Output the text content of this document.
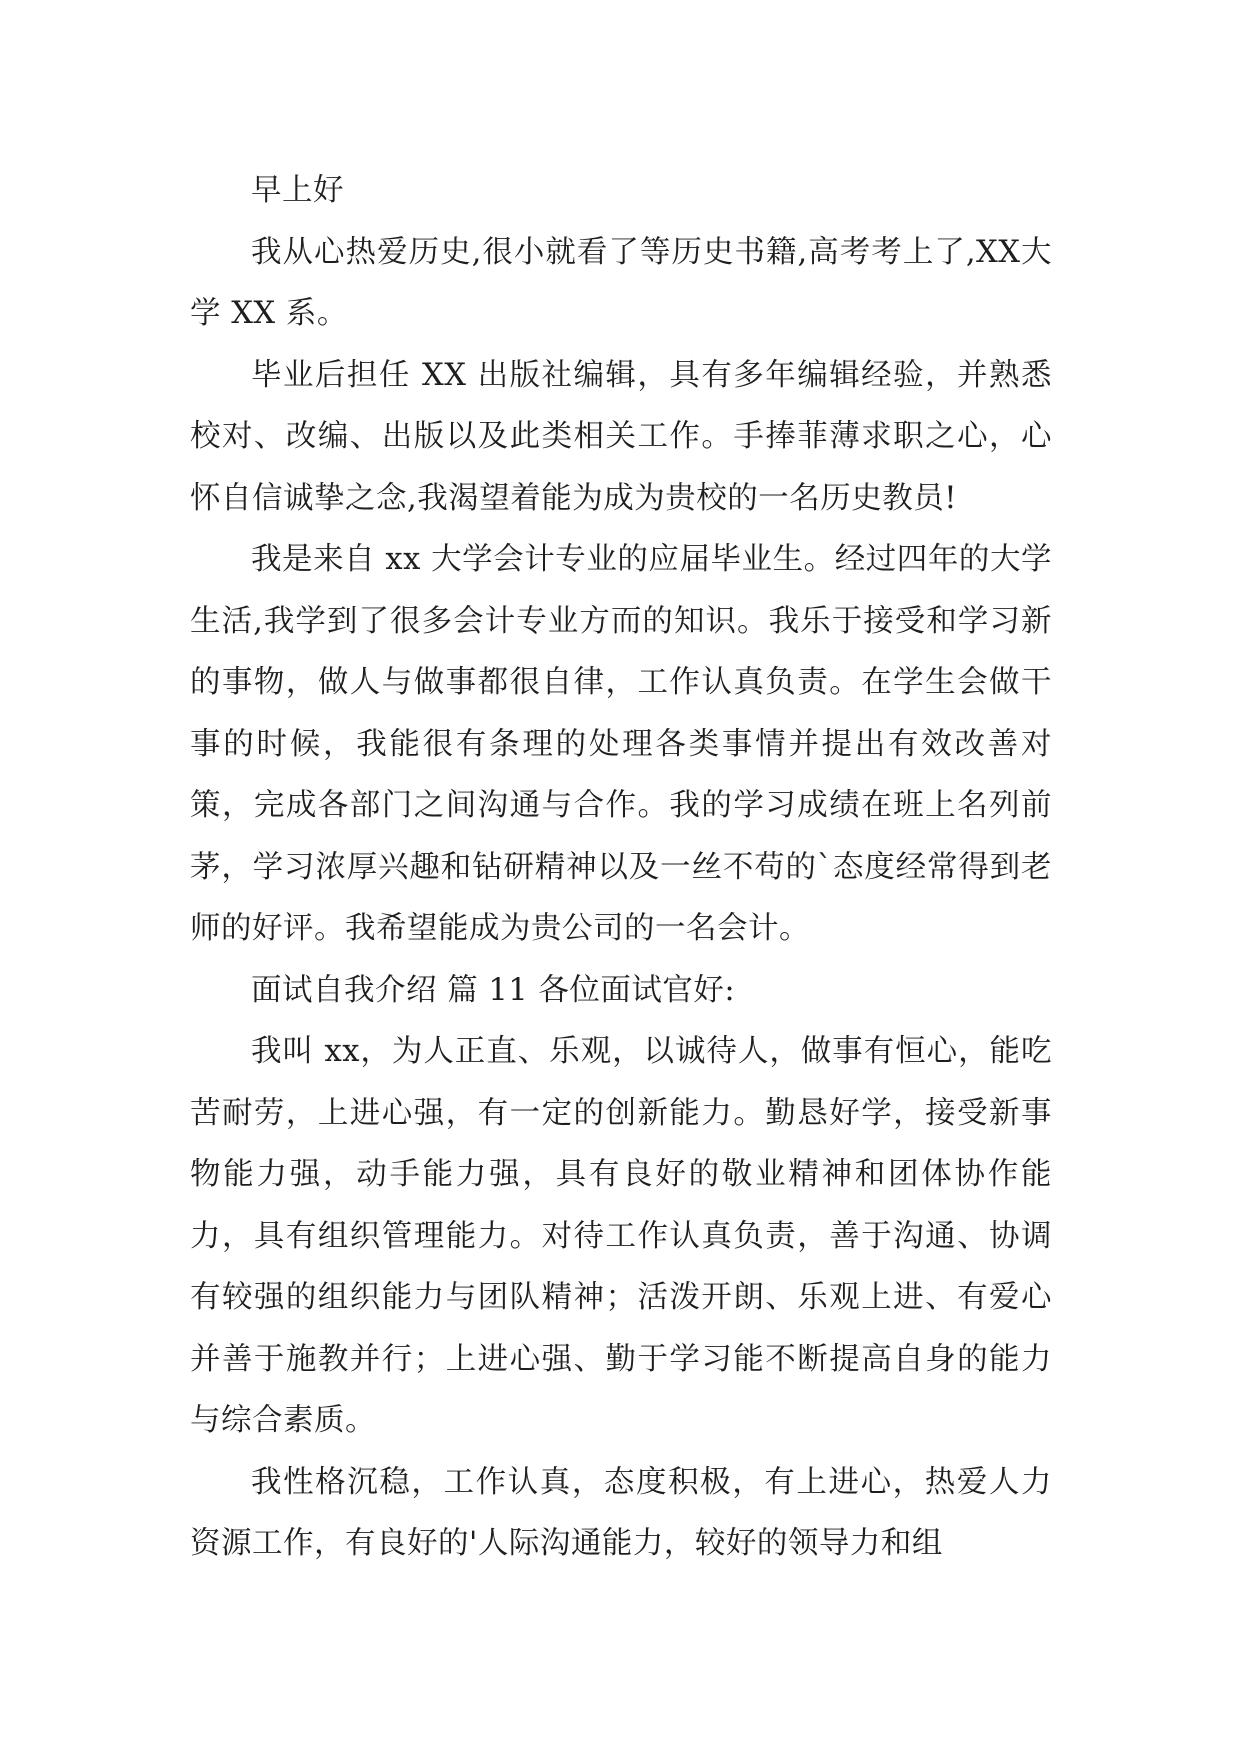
早上好

我从心热爱历史,很小就看了等历史书籍,高考考上了,XX大学 XX 系。

毕业后担任 XX 出版社编辑，具有多年编辑经验，并熟悉校对、改编、出版以及此类相关工作。手捧菲薄求职之心，心怀自信诚挚之念,我渴望着能为成为贵校的一名历史教员!

我是来自 xx 大学会计专业的应届毕业生。经过四年的大学生活,我学到了很多会计专业方而的知识。我乐于接受和学习新的事物，做人与做事都很自律，工作认真负责。在学生会做干事的时候，我能很有条理的处理各类事情并提出有效改善对策，完成各部门之间沟通与合作。我的学习成绩在班上名列前茅，学习浓厚兴趣和钻研精神以及一丝不苟的`态度经常得到老师的好评。我希望能成为贵公司的一名会计。

面试自我介绍 篇 11 各位面试官好:

我叫 xx，为人正直、乐观，以诚待人，做事有恒心，能吃苦耐劳，上进心强，有一定的创新能力。勤恳好学，接受新事物能力强，动手能力强，具有良好的敬业精神和团体协作能力，具有组织管理能力。对待工作认真负责，善于沟通、协调有较强的组织能力与团队精神；活泼开朗、乐观上进、有爱心并善于施教并行；上进心强、勤于学习能不断提高自身的能力与综合素质。

我性格沉稳，工作认真，态度积极，有上进心，热爱人力资源工作，有良好的'人际沟通能力，较好的领导力和组
